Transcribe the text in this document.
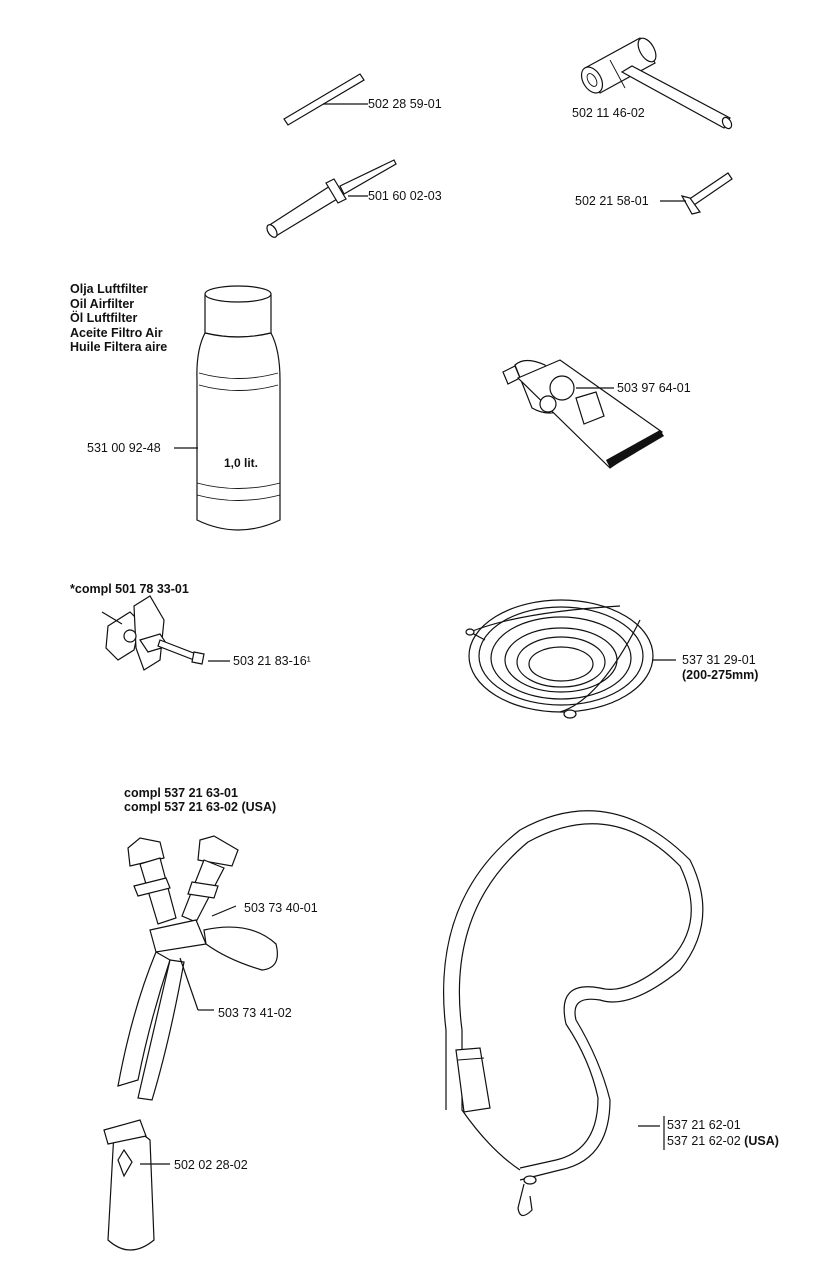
502 28 59-01
502 11 46-02
501 60 02-03	502 21 58-01
Olja Luftfilter
Oil Airfilter
Öl Luftfilter
Aceite Filtro Air
Huile Filtera aire
1,0 lit.
531 00 92-48
503 97 64-01
*compl 501 78 33-01
503 21 83-16¹	537 31 29-01
(200-275mm)
compl 537 21 63-01
compl 537 21 63-02 (USA)
503 73 40-01
503 73 41-02
502 02 28-02
537 21 62-01
537 21 62-02 (USA)
